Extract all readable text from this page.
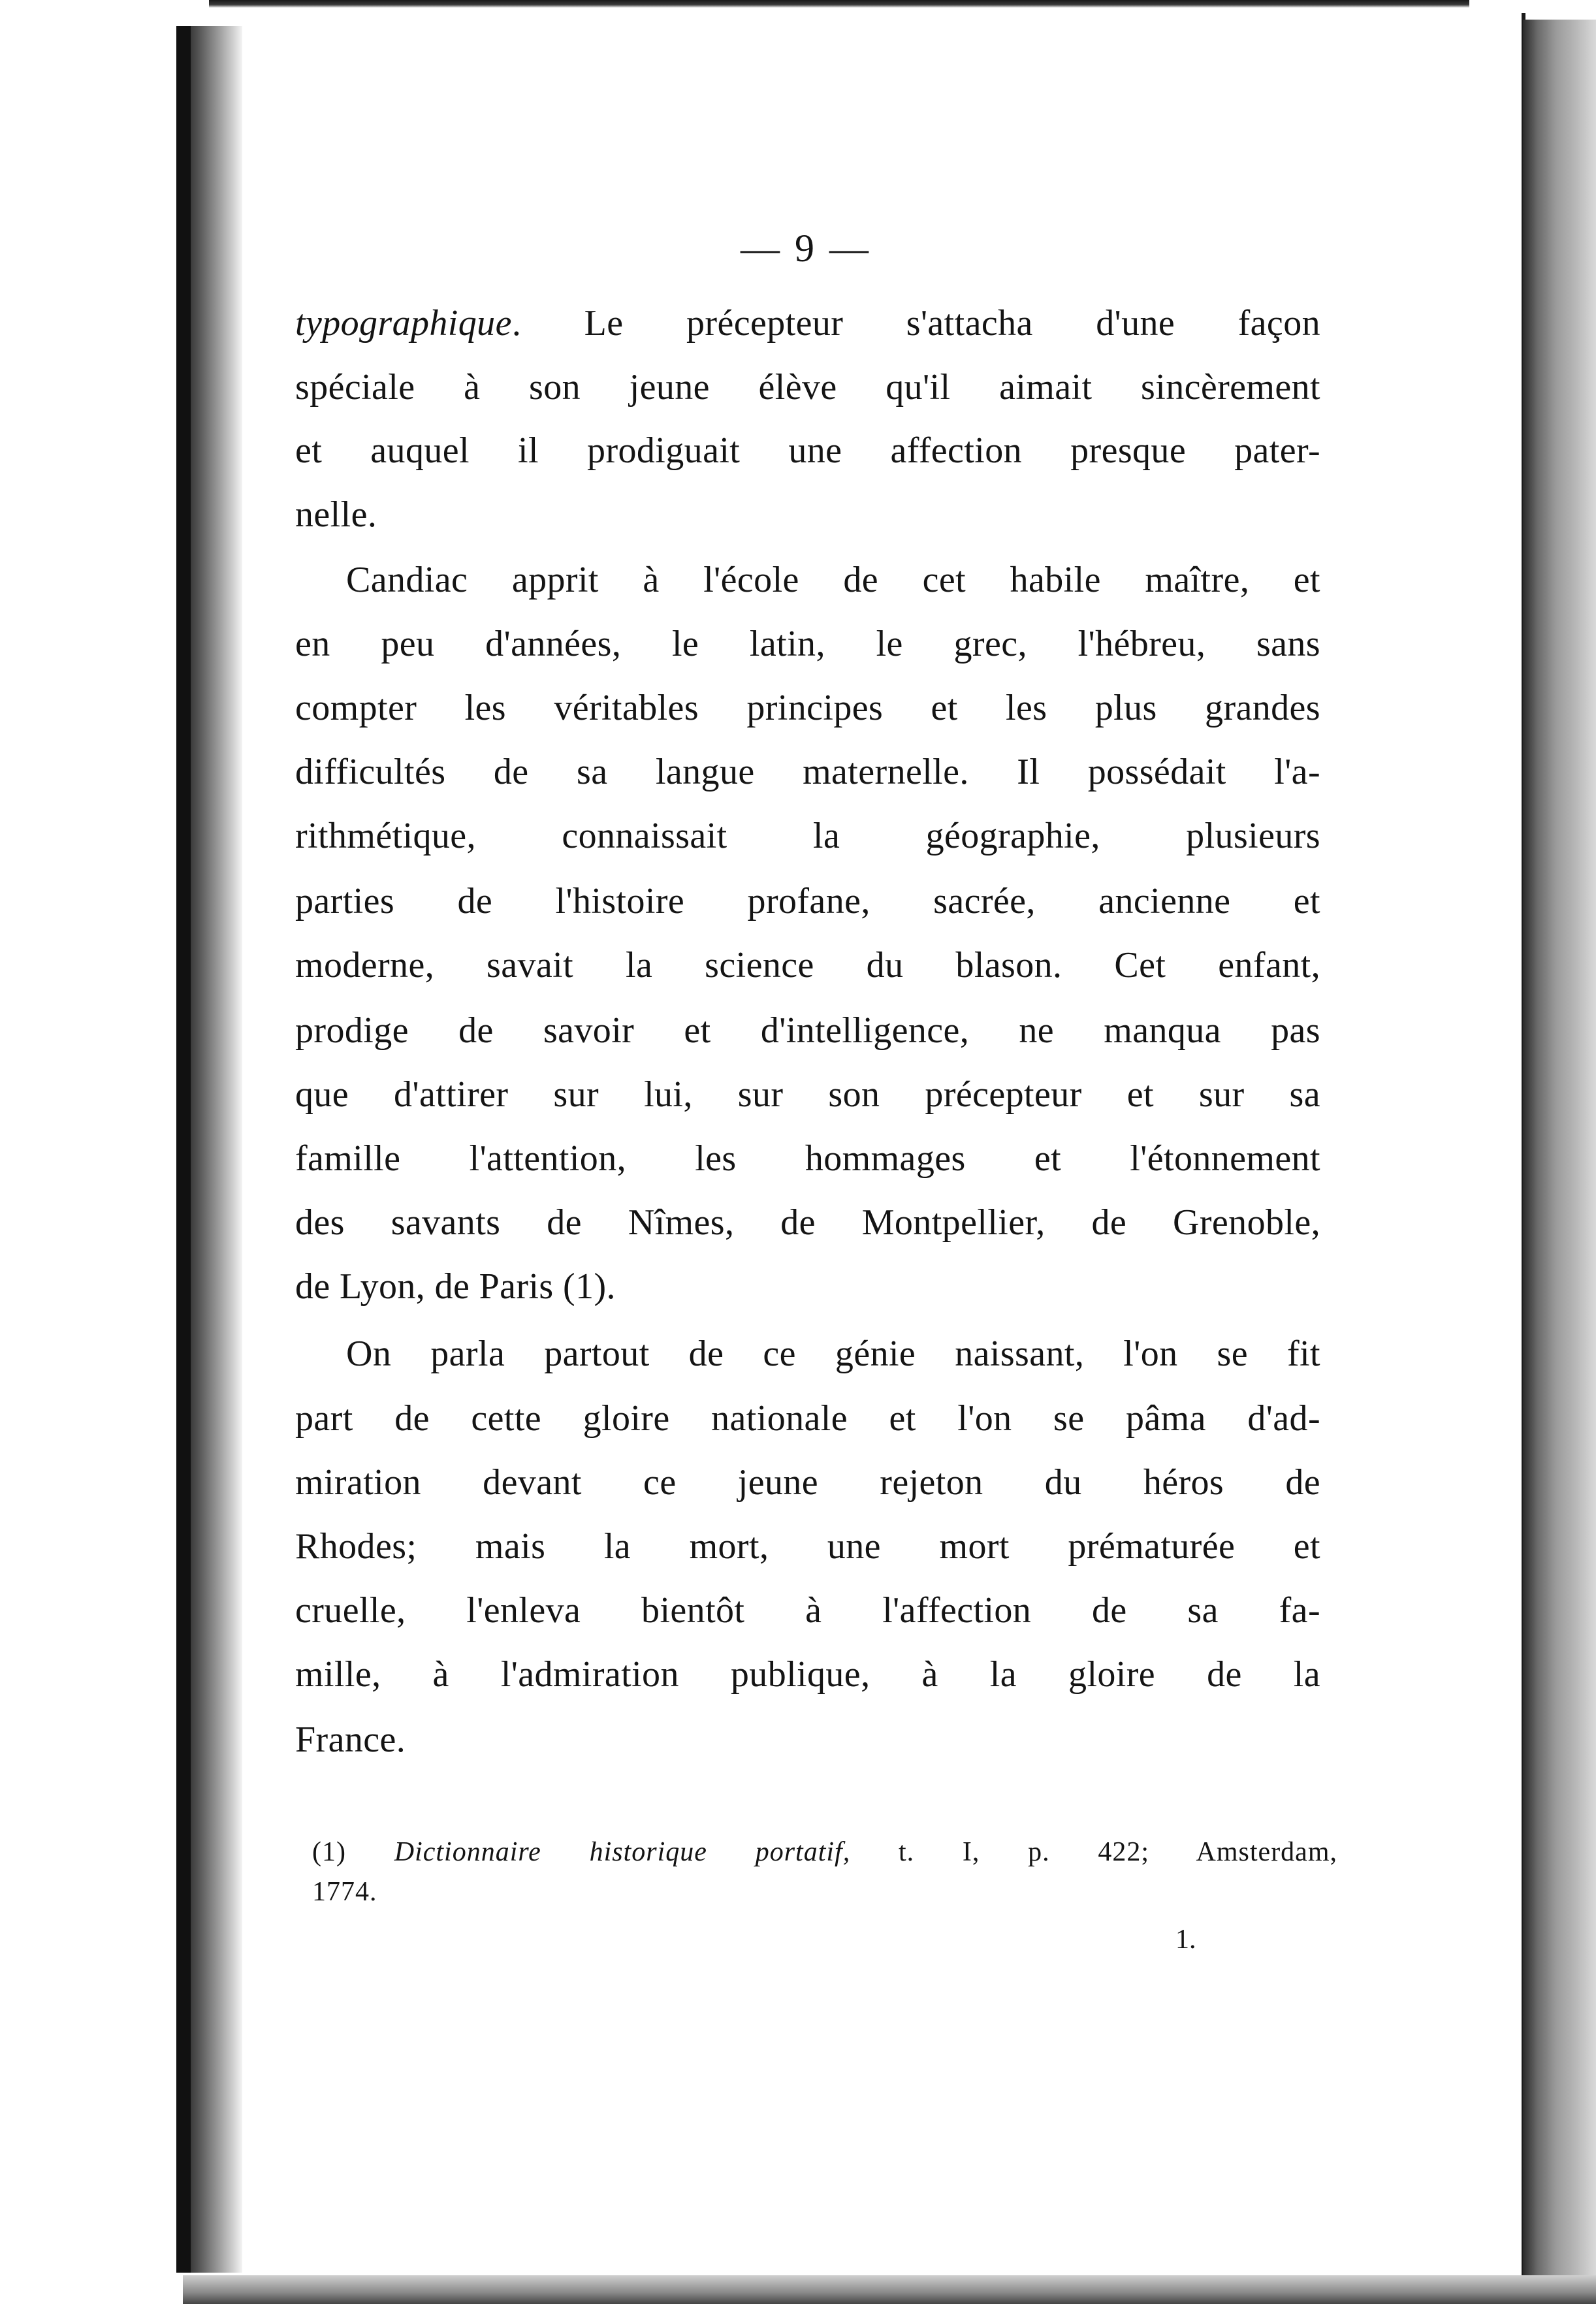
— 9 —
typographique. Le précepteur s'attacha d'une façon
spéciale à son jeune élève qu'il aimait sincèrement
et auquel il prodiguait une affection presque pater-
nelle.
Candiac apprit à l'école de cet habile maître, et
en peu d'années, le latin, le grec, l'hébreu, sans
compter les véritables principes et les plus grandes
difficultés de sa langue maternelle. Il possédait l'a-
rithmétique, connaissait la géographie, plusieurs
parties de l'histoire profane, sacrée, ancienne et
moderne, savait la science du blason. Cet enfant,
prodige de savoir et d'intelligence, ne manqua pas
que d'attirer sur lui, sur son précepteur et sur sa
famille l'attention, les hommages et l'étonnement
des savants de Nîmes, de Montpellier, de Grenoble,
de Lyon, de Paris (1).
On parla partout de ce génie naissant, l'on se fit
part de cette gloire nationale et l'on se pâma d'ad-
miration devant ce jeune rejeton du héros de
Rhodes; mais la mort, une mort prématurée et
cruelle, l'enleva bientôt à l'affection de sa fa-
mille, à l'admiration publique, à la gloire de la
France.
(1) Dictionnaire historique portatif, t. I, p. 422; Amsterdam,
1774.
1.
